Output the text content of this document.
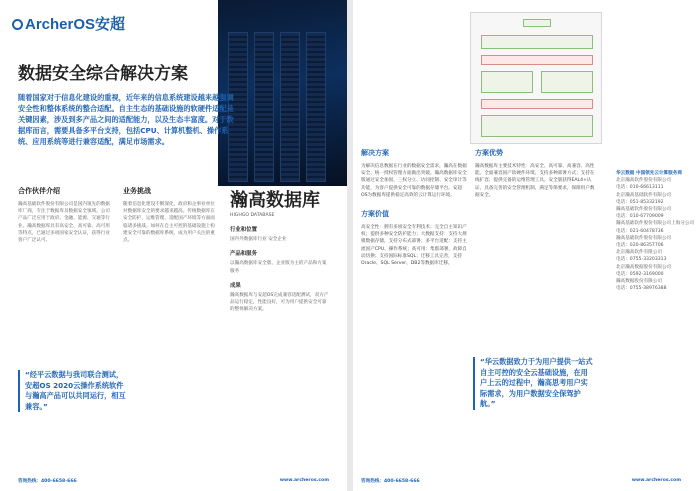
ArcherOS安超
数据安全综合解决方案
随着国家对于信息化建设的重视，近年来的信息系统建设越来越强调安全性和整体系统的整合适配。自主生态的基础设施的软硬件适配是关键因素，涉及到多产品之间的适配能力，以及生态丰富度。对于数据库而言，需要具备多平台支持，包括CPU、计算机整机、操作系统、应用系统等进行兼容适配，满足市场需求。
合作伙伴介绍
瀚高基础软件股份有限公司是国内领先的数据库厂商，专注于数据库及数据安全领域。公司产品广泛应用于政府、金融、能源、交通等行业。瀚高数据库具有高安全、高可靠、高可用等特点，已通过多项国家安全认证，获得行业客户广泛认可。
业务挑战
随着信息化建设不断深化，政府和企事业单位对数据库安全的要求越来越高。传统数据库在安全防护、运维管理、适配国产环境等方面面临诸多挑战。如何在自主可控的基础设施上构建安全可靠的数据库系统，成为用户关注的重点。
瀚高数据库
HIGHGO DATABASE
行业和位置
国内外数据库行业 安全企业
产品和服务
以瀚高数据库安全版、企业版为主的产品和方案服务
成果
瀚高数据库与安超OS完成兼容适配测试，双方产品运行稳定，性能良好，可为用户提供安全可靠的整体解决方案。
“经平云数据与我司联合测试，安超OS 2020云操作系统软件与瀚高产品可以共同运行，相互兼容。”
咨询热线：400-6658-666	www.archeros.com
解决方案
为解决信息数据在行业的数据安全需求，瀚高在数据安全、统一授权管理方面做出突破。瀚高数据库安全版通过安全加固、三权分立、访问控制、安全审计等功能，为客户提供安全可靠的数据存储平台。安超OS为数据库提供稳定高效的云计算运行环境。
方案价值
高安全性：拥有多项安全专利技术；完全自主知识产权；提供多种安全防护能力；大数据支持：支持大规模数据存储，支持分布式部署；多平台适配：支持主流国产CPU、操作系统；高可用：集群部署，故障自动切换；支持国际标准SQL；迁移工具完善，支持Oracle、SQL Server、DB2等数据库迁移。
方案优势
瀚高数据库主要技术特性：高安全、高可靠、高兼容、高性能。全面兼容国产软硬件环境，支持多种部署方式；支持在线扩容；提供完备的运维管理工具。安全版获得EAL4+认证，具备完善的安全管理机制，满足等保要求，保障用户数据安全。
“华云数据致力于为用户提供一站式自主可控的安全云基础设施，在用户上云的过程中，瀚高思考用户实际需求，为用户数据安全保驾护航。”
华云数据 中国领先云计算服务商
北京瀚高软件股份有限公司
电话：010-66613111
北京瀚高基础软件有限公司
电话：051-85332192
瀚高基础软件股份有限公司
电话：010-67709009
瀚高基础软件股份有限公司上海分公司
电话：021-60478736
瀚高基础软件股份有限公司
电话：020-86357706
北京瀚高软件有限公司
电话：0755-33203313
北京瀚高数据股份有限公司
电话：0592-3169000
瀚高数据股份有限公司
电话：0755-38976388
咨询热线：400-6658-666	www.archeros.com
